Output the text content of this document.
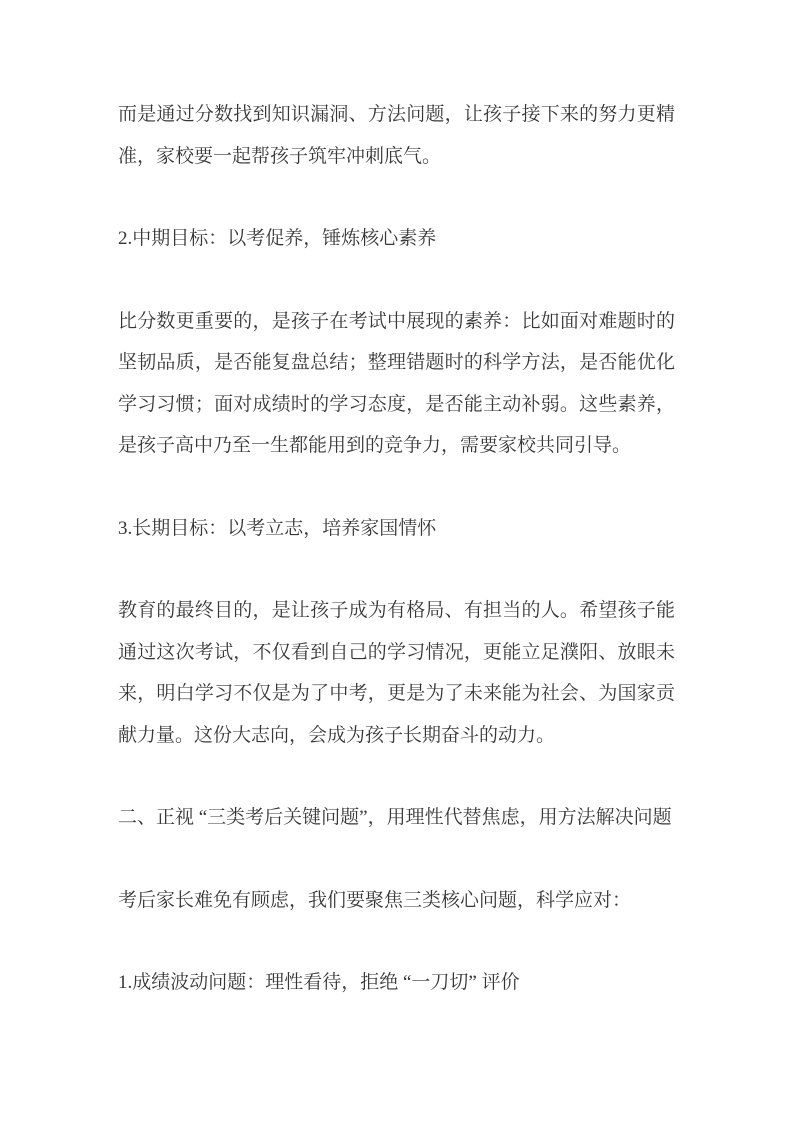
而是通过分数找到知识漏洞、方法问题，让孩子接下来的努力更精准，家校要一起帮孩子筑牢冲刺底气。

2.中期目标：以考促养，锤炼核心素养

比分数更重要的，是孩子在考试中展现的素养：比如面对难题时的坚韧品质，是否能复盘总结；整理错题时的科学方法，是否能优化学习习惯；面对成绩时的学习态度，是否能主动补弱。这些素养，是孩子高中乃至一生都能用到的竞争力，需要家校共同引导。

3.长期目标：以考立志，培养家国情怀

教育的最终目的，是让孩子成为有格局、有担当的人。希望孩子能通过这次考试，不仅看到自己的学习情况，更能立足濮阳、放眼未来，明白学习不仅是为了中考，更是为了未来能为社会、为国家贡献力量。这份大志向，会成为孩子长期奋斗的动力。

二、正视 “三类考后关键问题”，用理性代替焦虑，用方法解决问题

考后家长难免有顾虑，我们要聚焦三类核心问题，科学应对：

1.成绩波动问题：理性看待，拒绝 “一刀切” 评价
